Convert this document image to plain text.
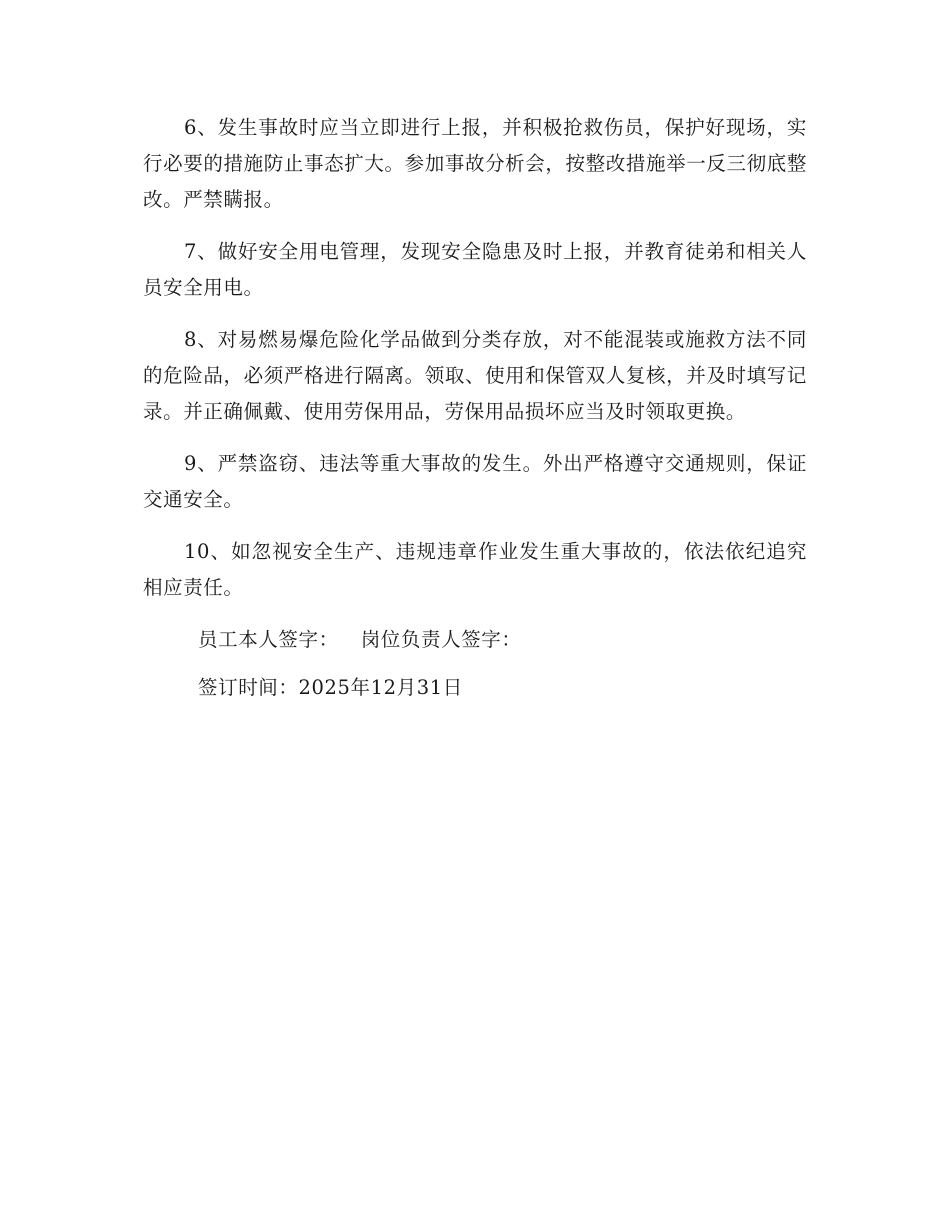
6、发生事故时应当立即进行上报，并积极抢救伤员，保护好现场，实行必要的措施防止事态扩大。参加事故分析会，按整改措施举一反三彻底整改。严禁瞒报。

7、做好安全用电管理，发现安全隐患及时上报，并教育徒弟和相关人员安全用电。

8、对易燃易爆危险化学品做到分类存放，对不能混装或施救方法不同的危险品，必须严格进行隔离。领取、使用和保管双人复核，并及时填写记录。并正确佩戴、使用劳保用品，劳保用品损坏应当及时领取更换。

9、严禁盗窃、违法等重大事故的发生。外出严格遵守交通规则，保证交通安全。

10、如忽视安全生产、违规违章作业发生重大事故的，依法依纪追究相应责任。

员工本人签字： 岗位负责人签字：
签订时间：2025年12月31日
